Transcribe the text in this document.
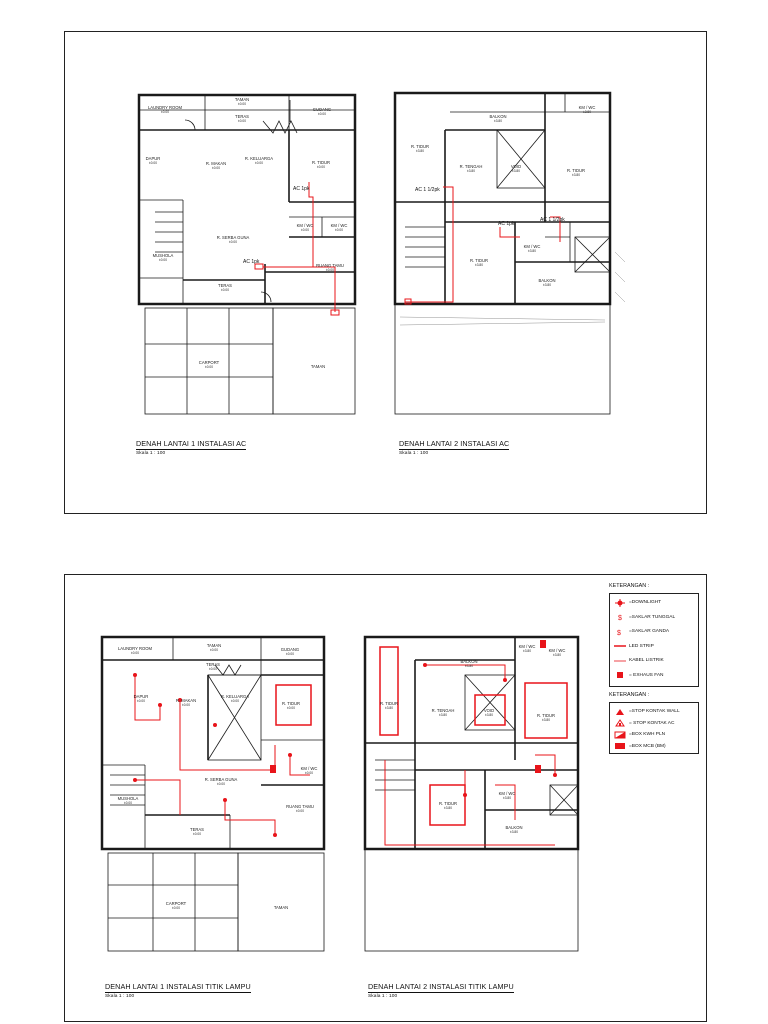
LAUNDRY ROOM
±0.00
TAMAN
±0.00
TERAS
±0.00
GUDANG
±0.00
DAPUR
±0.00	R. MAKAN
±0.00
R. KELUARGA
±0.00	R. TIDUR
±0.00
KM / WC
±0.00
KM / WC
±0.00
R. SERBA GUNA
±0.00
MUSHOLA
±0.00
RUANG TAMU
±0.00
TERAS
±0.00
CARPORT
±0.00	TAMAN
R. TIDUR
±3.80
BALKON
±3.80
KM / WC
±3.80
R. TENGAH
±3.80
VOID
±3.80	R. TIDUR
±3.80
R. TIDUR
±3.80
KM / WC
±3.80
BALKON
±3.80
AC 1pk
AC 1pk
AC 1 1/2pk
AC 1pk
AC 1 1/2pk
DENAH LANTAI 1 INSTALASI AC
Skala 1 : 100
DENAH LANTAI 2 INSTALASI AC
Skala 1 : 100
LAUNDRY ROOM
±0.00
TAMAN
±0.00	GUDANG
±0.00
TERAS
±0.00
DAPUR
±0.00	R. MAKAN
±0.00
R. KELUARGA
±0.00	R. TIDUR
±0.00
R. SERBA GUNA
±0.00
KM / WC
±0.00
MUSHOLA
±0.00
RUANG TAMU
±0.00
TERAS
±0.00
CARPORT
±0.00	TAMAN
KM / WC
±3.80
BALKON
±3.80
KM / WC
±3.80
R. TIDUR
±3.80	R. TENGAH
±3.80
VOID
±3.80	R. TIDUR
±3.80
R. TIDUR
±3.80
KM / WC
±3.80
BALKON
±3.80
DENAH LANTAI 1 INSTALASI TITIK LAMPU
Skala 1 : 100
DENAH LANTAI 2 INSTALASI TITIK LAMPU
Skala 1 : 100
KETERANGAN :
=DOWNLIGHT
$ =SAKLAR TUNGGAL
$ =SAKLAR GANDA
LED STRIP
KABEL LISTRIK
= EXHAUS FAN
KETERANGAN :
=STOP KONTAK WALL
= STOP KONTAK AC
=BOX KWH PLN
=BOX MCB (BM)
